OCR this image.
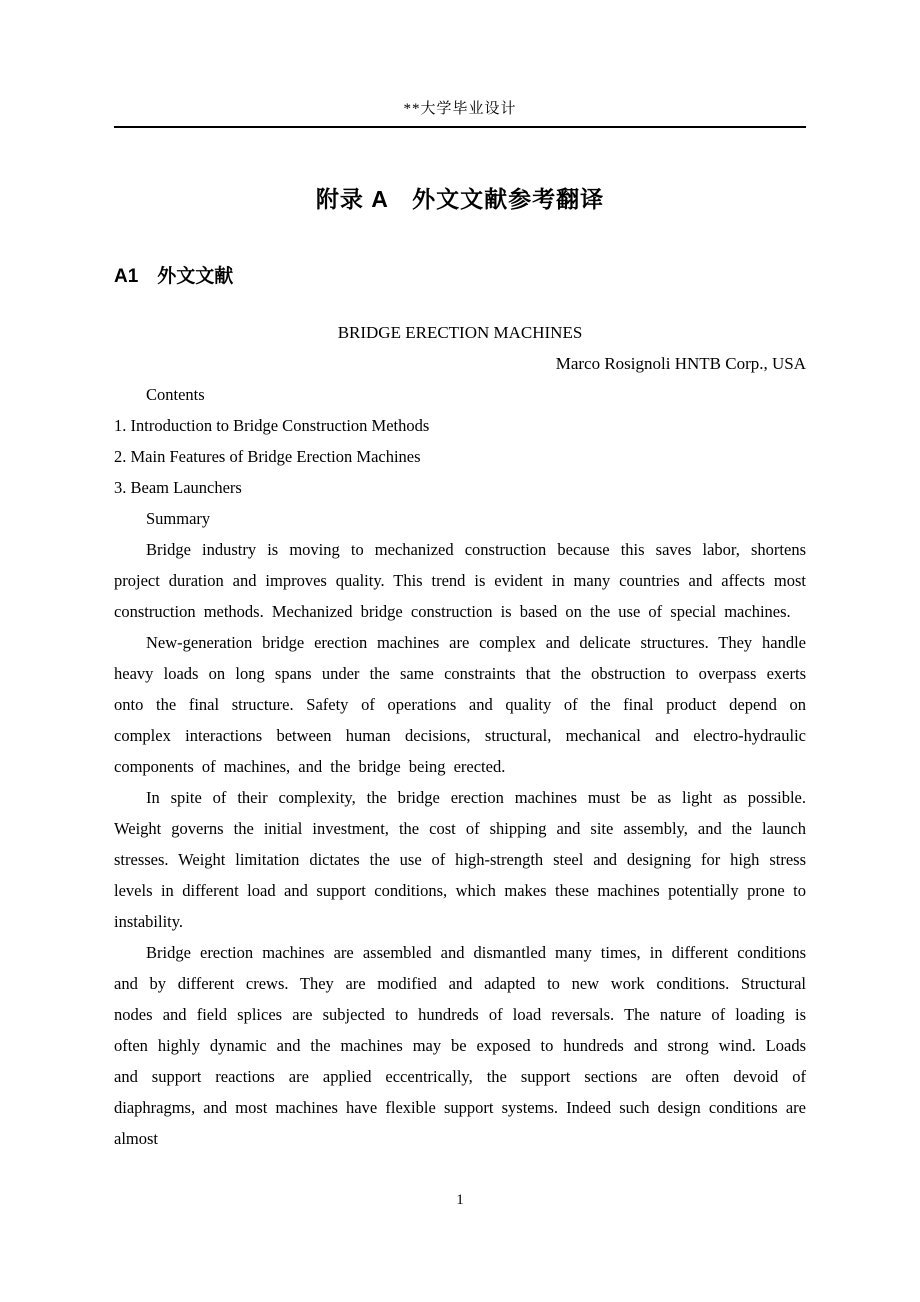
**大学毕业设计
附录 A　外文文献参考翻译
A1　外文文献
BRIDGE ERECTION MACHINES
Marco Rosignoli HNTB Corp., USA
Contents
1. Introduction to Bridge Construction Methods
2. Main Features of Bridge Erection Machines
3. Beam Launchers
Summary

Bridge industry is moving to mechanized construction because this saves labor, shortens project duration and improves quality. This trend is evident in many countries and affects most construction methods. Mechanized bridge construction is based on the use of special machines.

New-generation bridge erection machines are complex and delicate structures. They handle heavy loads on long spans under the same constraints that the obstruction to overpass exerts onto the final structure. Safety of operations and quality of the final product depend on complex interactions between human decisions, structural, mechanical and electro-hydraulic components of machines, and the bridge being erected.

In spite of their complexity, the bridge erection machines must be as light as possible. Weight governs the initial investment, the cost of shipping and site assembly, and the launch stresses. Weight limitation dictates the use of high-strength steel and designing for high stress levels in different load and support conditions, which makes these machines potentially prone to instability.

Bridge erection machines are assembled and dismantled many times, in different conditions and by different crews. They are modified and adapted to new work conditions. Structural nodes and field splices are subjected to hundreds of load reversals. The nature of loading is often highly dynamic and the machines may be exposed to hundreds and strong wind. Loads and support reactions are applied eccentrically, the support sections are often devoid of diaphragms, and most machines have flexible support systems. Indeed such design conditions are almost

1
